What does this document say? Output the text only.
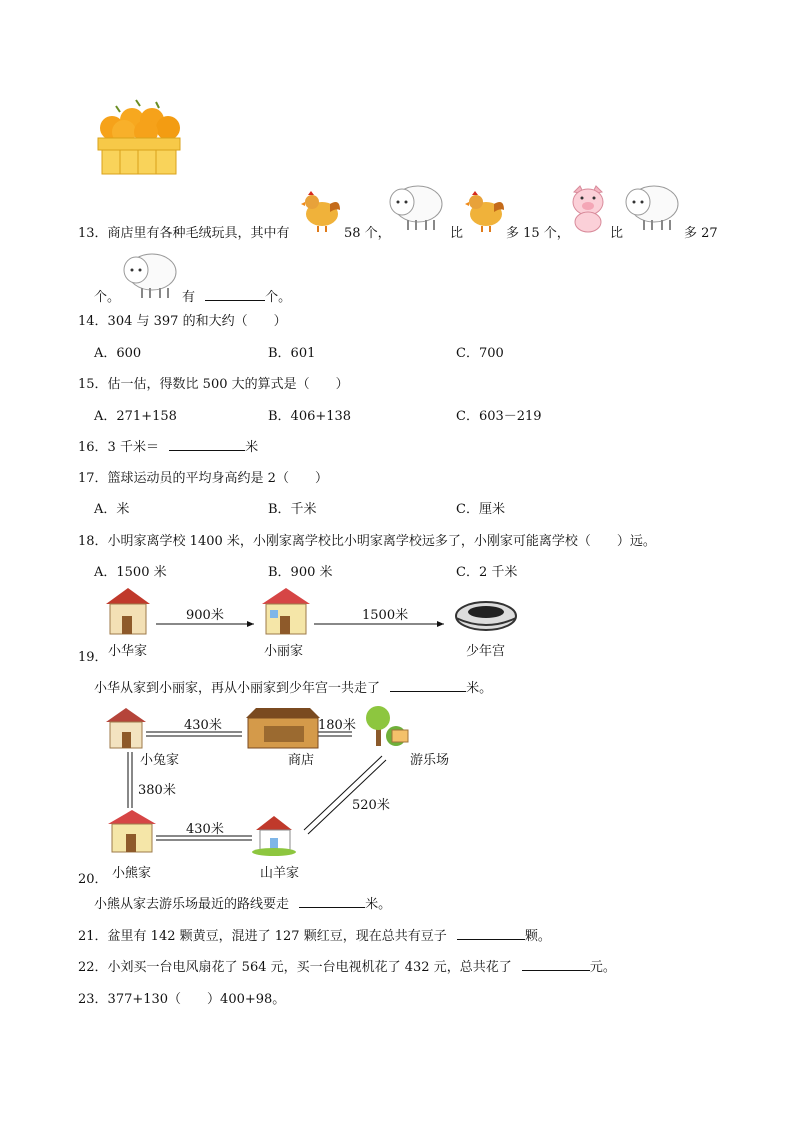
13．商店里有各种毛绒玩具，其中有	58 个，	比	多 15 个，	比	多 27
个。	有	个。
14．304 与 397 的和大约（　　）
A．600	B．601	C．700
15．估一估，得数比 500 大的算式是（　　）
A．271+158	B．406+138	C．603－219
16．3 千米＝	米
17．篮球运动员的平均身高约是 2（　　）
A．米	B．千米	C．厘米
18．小明家离学校 1400 米，小刚家离学校比小明家离学校远多了，小刚家可能离学校（　　）远。
A．1500 米	B．900 米	C．2 千米
900米	1500米
小华家	小丽家	少年宫
19．
小华从家到小丽家，再从小丽家到少年宫一共走了	米。
430米	180米
小兔家	商店	游乐场
380米
520米
430米
小熊家	山羊家
20．
小熊从家去游乐场最近的路线要走	米。
21．盆里有 142 颗黄豆，混进了 127 颗红豆，现在总共有豆子	颗。
22．小刘买一台电风扇花了 564 元，买一台电视机花了 432 元，总共花了	元。
23．377+130（　　）400+98。
